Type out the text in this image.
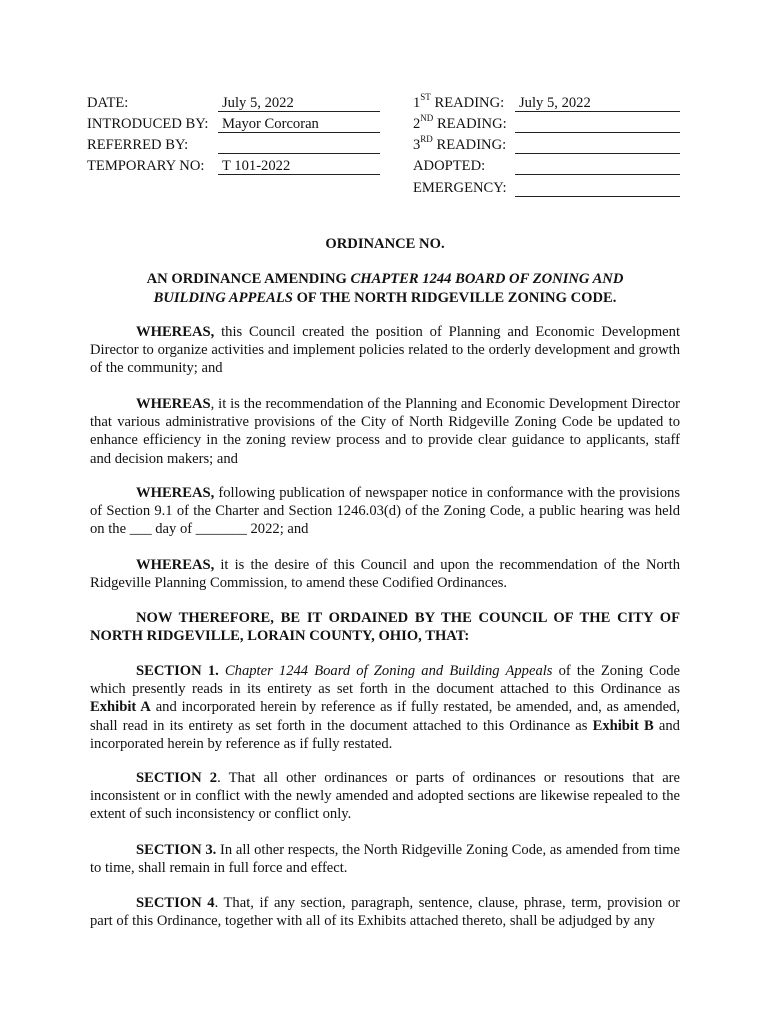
DATE:	July 5, 2022
INTRODUCED BY: Mayor Corcoran
REFERRED BY:
TEMPORARY NO: T 101-2022
1ST READING: July 5, 2022
2ND READING:
3RD READING:
ADOPTED:
EMERGENCY:
ORDINANCE NO.
AN ORDINANCE AMENDING CHAPTER 1244 BOARD OF ZONING AND
BUILDING APPEALS OF THE NORTH RIDGEVILLE ZONING CODE.
WHEREAS, this Council created the position of Planning and Economic Development Director to organize activities and implement policies related to the orderly development and growth of the community; and
WHEREAS, it is the recommendation of the Planning and Economic Development Director that various administrative provisions of the City of North Ridgeville Zoning Code be updated to enhance efficiency in the zoning review process and to provide clear guidance to applicants, staff and decision makers; and
WHEREAS, following publication of newspaper notice in conformance with the provisions of Section 9.1 of the Charter and Section 1246.03(d) of the Zoning Code, a public hearing was held on the ___ day of _______ 2022; and
WHEREAS, it is the desire of this Council and upon the recommendation of the North Ridgeville Planning Commission, to amend these Codified Ordinances.
NOW THEREFORE, BE IT ORDAINED BY THE COUNCIL OF THE CITY OF NORTH RIDGEVILLE, LORAIN COUNTY, OHIO, THAT:
SECTION 1. Chapter 1244 Board of Zoning and Building Appeals of the Zoning Code which presently reads in its entirety as set forth in the document attached to this Ordinance as Exhibit A and incorporated herein by reference as if fully restated, be amended, and, as amended, shall read in its entirety as set forth in the document attached to this Ordinance as Exhibit B and incorporated herein by reference as if fully restated.
SECTION 2. That all other ordinances or parts of ordinances or resoutions that are inconsistent or in conflict with the newly amended and adopted sections are likewise repealed to the extent of such inconsistency or conflict only.
SECTION 3. In all other respects, the North Ridgeville Zoning Code, as amended from time to time, shall remain in full force and effect.
SECTION 4. That, if any section, paragraph, sentence, clause, phrase, term, provision or part of this Ordinance, together with all of its Exhibits attached thereto, shall be adjudged by any
